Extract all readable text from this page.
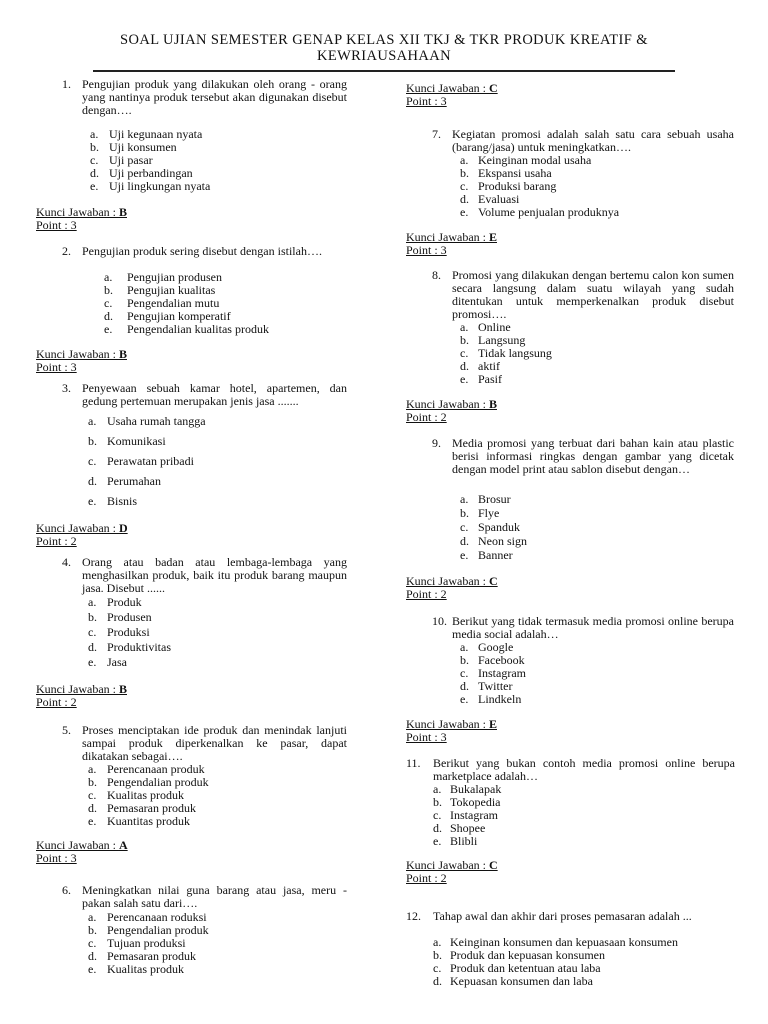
SOAL UJIAN SEMESTER GENAP KELAS XII TKJ & TKR PRODUK KREATIF &
KEWRIAUSAHAAN
1. Pengujian produk yang dilakukan oleh orang - orang yang nantinya produk tersebut akan digunakan disebut dengan….

a. Uji kegunaan nyata
b. Uji konsumen
c. Uji pasar
d. Uji perbandingan
e. Uji lingkungan nyata
Kunci Jawaban : B
Point : 3
2. Pengujian produk sering disebut dengan istilah….

a. Pengujian produsen
b. Pengujian kualitas
c. Pengendalian mutu
d. Pengujian komperatif
e. Pengendalian kualitas produk
Kunci Jawaban : B
Point : 3
3. Penyewaan sebuah kamar hotel, apartemen, dan gedung pertemuan merupakan jenis jasa .......

a. Usaha rumah tangga
b. Komunikasi
c. Perawatan pribadi
d. Perumahan
e. Bisnis
Kunci Jawaban : D
Point : 2
4. Orang atau badan atau lembaga-lembaga yang menghasilkan produk, baik itu produk barang maupun jasa. Disebut ......

a. Produk
b. Produsen
c. Produksi
d. Produktivitas
e. Jasa
Kunci Jawaban : B
Point : 2
5. Proses menciptakan ide produk dan menindak lanjuti sampai produk diperkenalkan ke pasar, dapat dikatakan sebagai….

a. Perencanaan produk
b. Pengendalian produk
c. Kualitas produk
d. Pemasaran produk
e. Kuantitas produk
Kunci Jawaban : A
Point : 3
6. Meningkatkan nilai guna barang atau jasa, meru - pakan salah satu dari….

a. Perencanaan roduksi
b. Pengendalian produk
c. Tujuan produksi
d. Pemasaran produk
e. Kualitas produk
7. Kegiatan promosi adalah salah satu cara sebuah usaha (barang/jasa) untuk meningkatkan….

a. Keinginan modal usaha
b. Ekspansi usaha
c. Produksi barang
d. Evaluasi
e. Volume penjualan produknya
Kunci Jawaban : E
Point : 3
8. Promosi yang dilakukan dengan bertemu calon kon sumen secara langsung dalam suatu wilayah yang sudah ditentukan untuk memperkenalkan produk disebut promosi….

a. Online
b. Langsung
c. Tidak langsung
d. aktif
e. Pasif
Kunci Jawaban : B
Point : 2
9. Media promosi yang terbuat dari bahan kain atau plastic berisi informasi ringkas dengan gambar yang dicetak dengan model print atau sablon disebut dengan…

a. Brosur
b. Flye
c. Spanduk
d. Neon sign
e. Banner
Kunci Jawaban : C
Point : 2
10. Berikut yang tidak termasuk media promosi online berupa media social adalah…

a. Google
b. Facebook
c. Instagram
d. Twitter
e. Lindkeln
Kunci Jawaban : E
Point : 3
11. Berikut yang bukan contoh media promosi online berupa marketplace adalah…

a. Bukalapak
b. Tokopedia
c. Instagram
d. Shopee
e. Blibli
Kunci Jawaban : C
Point : 2
12. Tahap awal dan akhir dari proses pemasaran adalah ...

a. Keinginan konsumen dan kepuasaan konsumen
b. Produk dan kepuasan konsumen
c. Produk dan ketentuan atau laba
d. Kepuasan konsumen dan laba
Kunci Jawaban : C
Point : 3
